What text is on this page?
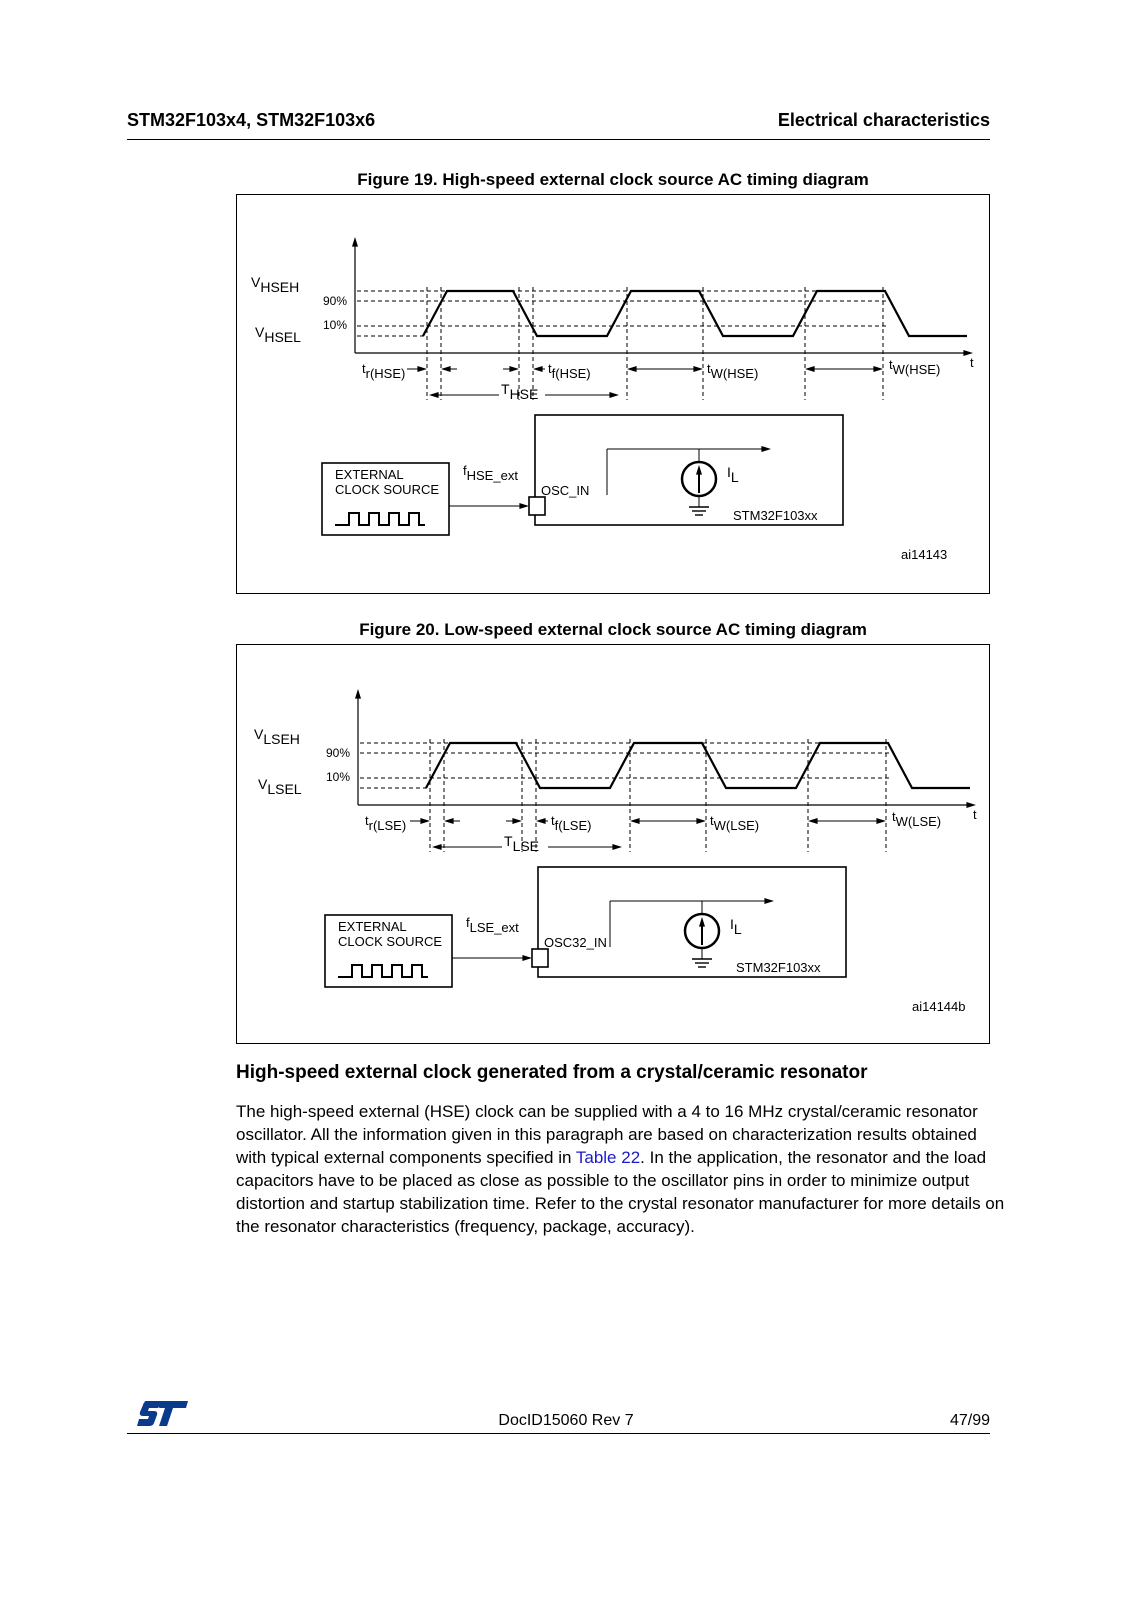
STM32F103x4, STM32F103x6	Electrical characteristics
Figure 19. High-speed external clock source AC timing diagram
t
VHSEH
VHSEL
90%
10%
tr(HSE)	tf(HSE)	tW(HSE)
tW(HSE)
THSE
EXTERNAL
CLOCK SOURCE
fHSE_ext
OSC_IN
STM32F103xx
IL
ai14143
Figure 20. Low-speed external clock source AC timing diagram
t
VLSEH
VLSEL
90%
10%
tr(LSE)	tf(LSE)	tW(LSE)
tW(LSE)
TLSE
EXTERNAL
CLOCK SOURCE
fLSE_ext
OSC32_IN
STM32F103xx
IL
ai14144b
High-speed external clock generated from a crystal/ceramic resonator
The high-speed external (HSE) clock can be supplied with a 4 to 16 MHz crystal/ceramic resonator oscillator. All the information given in this paragraph are based on characterization results obtained with typical external components specified in Table 22. In the application, the resonator and the load capacitors have to be placed as close as possible to the oscillator pins in order to minimize output distortion and startup stabilization time. Refer to the crystal resonator manufacturer for more details on the resonator characteristics (frequency, package, accuracy).
DocID15060 Rev 7	47/99
